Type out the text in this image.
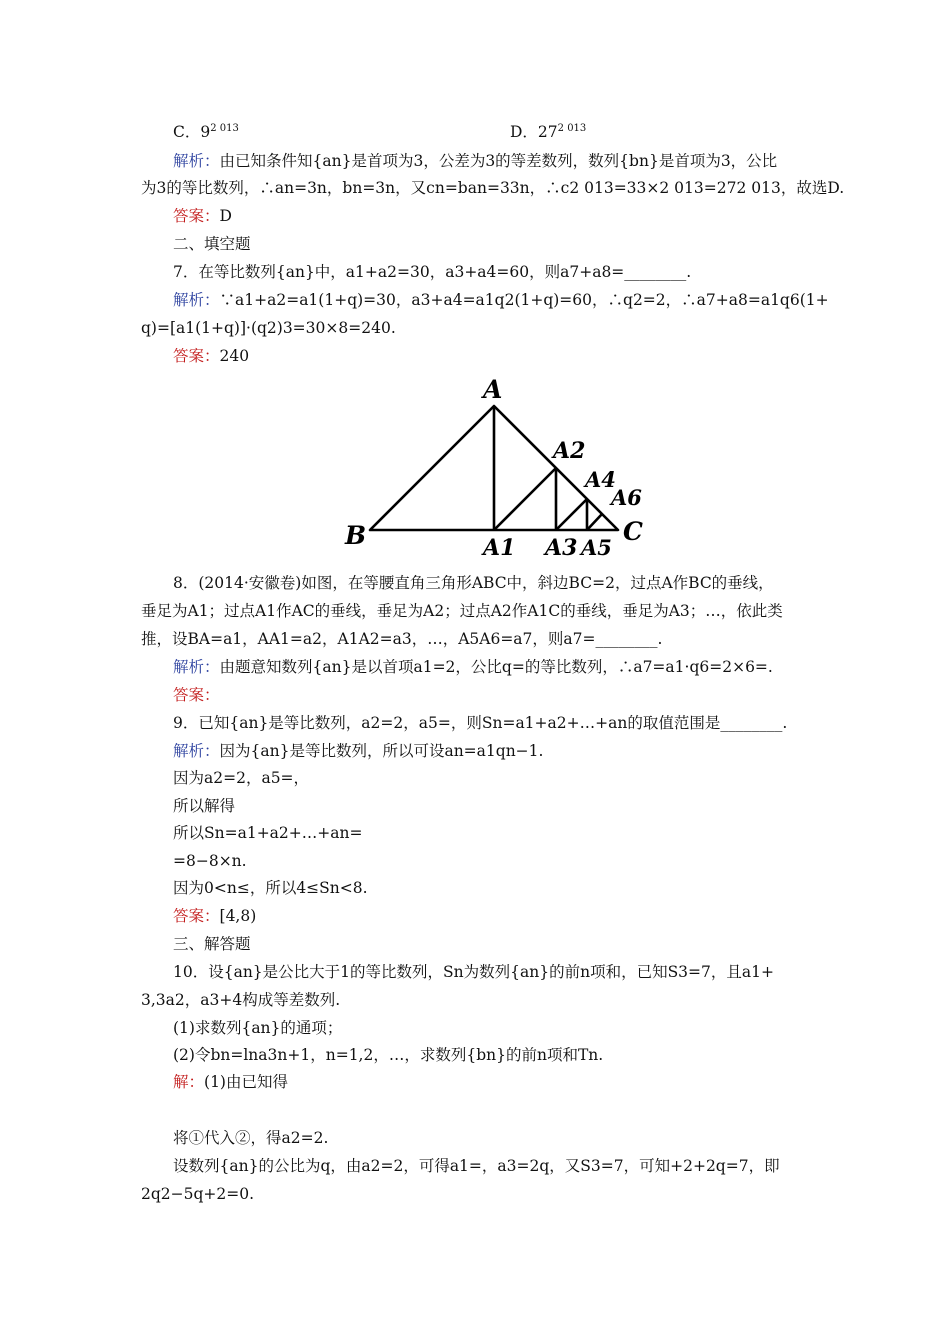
C．$9^{2 013}$	D．$27^{2 013}$
解析：由已知条件知{an}是首项为3，公差为3的等差数列，数列{bn}是首项为3，公比
为3的等比数列，∴an=3n，bn=3n，又cn=ban=33n，∴c2 013=33×2 013=272 013，故选D.
答案：D
二、填空题
7．在等比数列{an}中，a1+a2=30，a3+a4=60，则a7+a8=________.
解析：∵a1+a2=a1(1+q)=30，a3+a4=a1q2(1+q)=60，∴q2=2，∴a7+a8=a1q6(1+
q)=[a1(1+q)]·(q2)3=30×8=240.
答案：240
A
A2
A4
A6
B	A1 A3 A5
C
8．(2014·安徽卷)如图，在等腰直角三角形ABC中，斜边BC=2，过点A作BC的垂线，
垂足为A1；过点A1作AC的垂线，垂足为A2；过点A2作A1C的垂线，垂足为A3；…，依此类
推，设BA=a1，AA1=a2，A1A2=a3，…，A5A6=a7，则a7=________.
解析：由题意知数列{an}是以首项a1=2，公比q=的等比数列，∴a7=a1·q6=2×6=.
答案：
9．已知{an}是等比数列，a2=2，a5=，则Sn=a1+a2+…+an的取值范围是________.
解析：因为{an}是等比数列，所以可设an=a1qn−1.
因为a2=2，a5=，
所以解得
所以Sn=a1+a2+…+an=
=8−8×n.
因为0<n≤，所以4≤Sn<8.
答案：[4,8)
三、解答题
10．设{an}是公比大于1的等比数列，Sn为数列{an}的前n项和，已知S3=7，且a1+
3,3a2，a3+4构成等差数列.
(1)求数列{an}的通项；
(2)令bn=lna3n+1，n=1,2，…，求数列{bn}的前n项和Tn.
解：(1)由已知得
将①代入②，得a2=2.
设数列{an}的公比为q，由a2=2，可得a1=，a3=2q，又S3=7，可知+2+2q=7，即
2q2−5q+2=0.
